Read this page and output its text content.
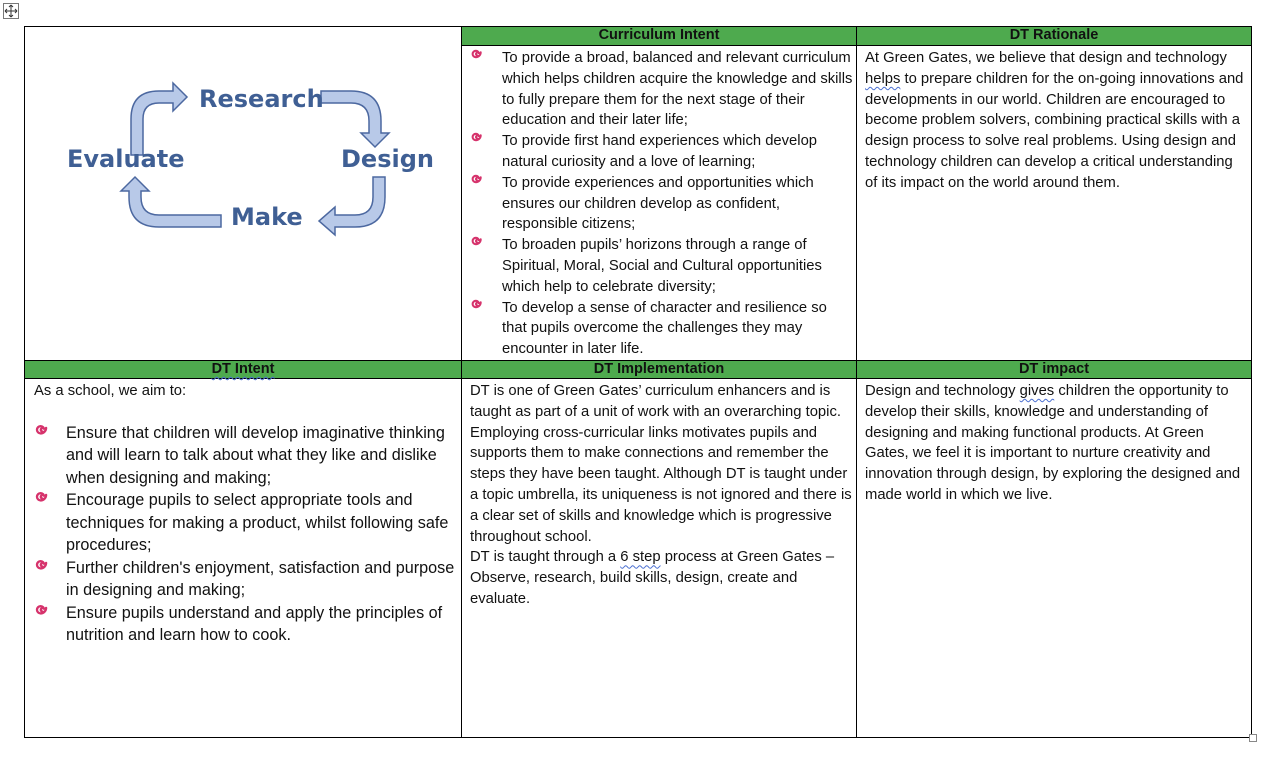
Research
Design
Make
Evaluate
Curriculum Intent
To provide a broad, balanced and relevant curriculum which helps children acquire the knowledge and skills to fully prepare them for the next stage of their education and their later life;
To provide first hand experiences which develop natural curiosity and a love of learning;
To provide experiences and opportunities which ensures our children develop as confident, responsible citizens;
To broaden pupils’ horizons through a range of Spiritual, Moral, Social and Cultural opportunities which help to celebrate diversity;
To develop a sense of character and resilience so that pupils overcome the challenges they may encounter in later life.
DT Rationale

At Green Gates, we believe that design and technology helps to prepare children for the on-going innovations and developments in our world. Children are encouraged to become problem solvers, combining practical skills with a design process to solve real problems. Using design and technology children can develop a critical understanding of its impact on the world around them.

DT Intent	DT Implementation	DT impact

As a school, we aim to:

Ensure that children will develop imaginative thinking and will learn to talk about what they like and dislike when designing and making;
Encourage pupils to select appropriate tools and techniques for making a product, whilst following safe procedures;
Further children's enjoyment, satisfaction and purpose in designing and making;
Ensure pupils understand and apply the principles of nutrition and learn how to cook.

DT is one of Green Gates’ curriculum enhancers and is taught as part of a unit of work with an overarching topic. Employing cross-curricular links motivates pupils and supports them to make connections and remember the steps they have been taught. Although DT is taught under a topic umbrella, its uniqueness is not ignored and there is a clear set of skills and knowledge which is progressive throughout school.

DT is taught through a 6 step process at Green Gates – Observe, research, build skills, design, create and evaluate.

Design and technology gives children the opportunity to develop their skills, knowledge and understanding of designing and making functional products. At Green Gates, we feel it is important to nurture creativity and innovation through design, by exploring the designed and made world in which we live.
